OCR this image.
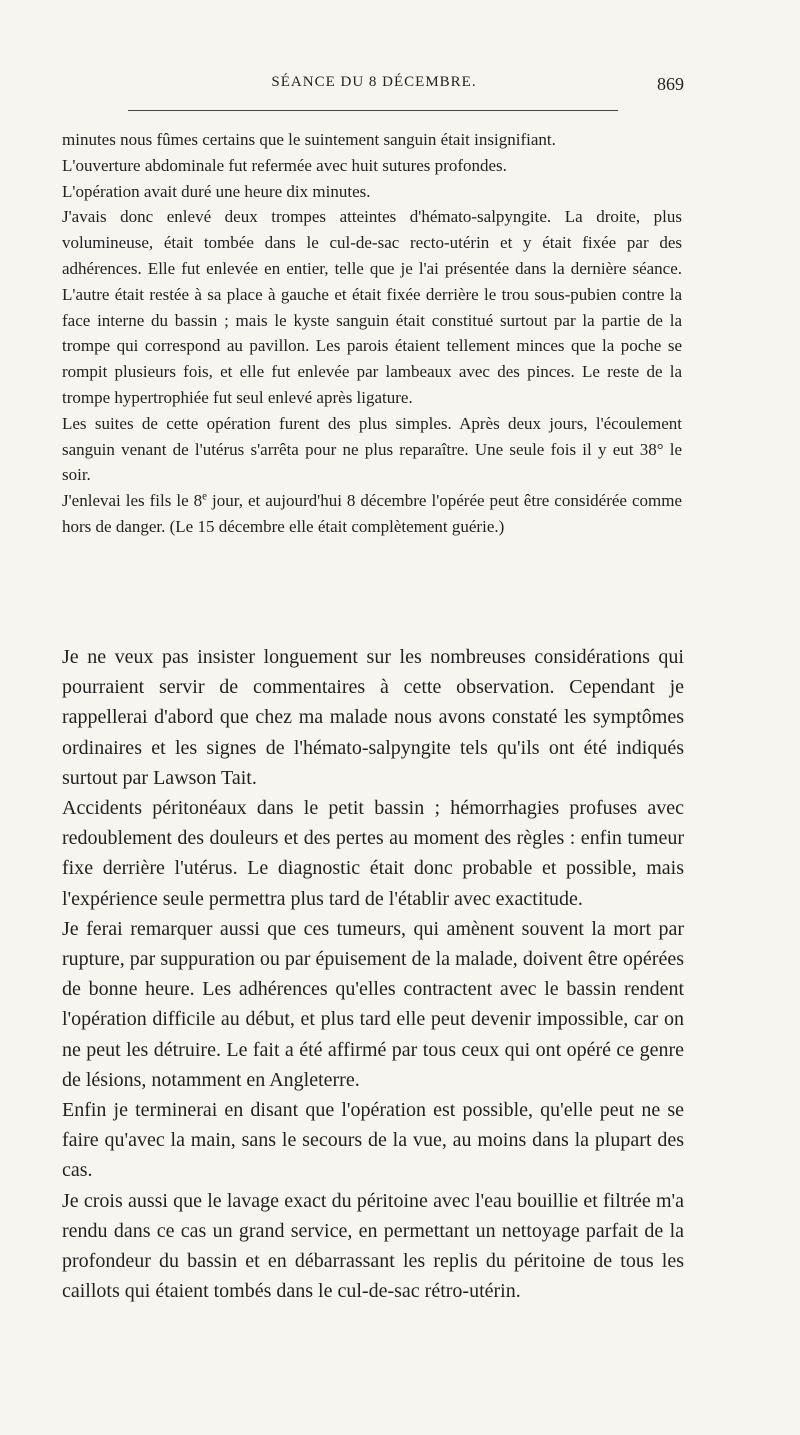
SÉANCE DU 8 DÉCEMBRE.	869

minutes nous fûmes certains que le suintement sanguin était insignifiant.

L'ouverture abdominale fut refermée avec huit sutures profondes.

L'opération avait duré une heure dix minutes.

J'avais donc enlevé deux trompes atteintes d'hémato-salpyngite. La droite, plus volumineuse, était tombée dans le cul-de-sac recto-utérin et y était fixée par des adhérences. Elle fut enlevée en entier, telle que je l'ai présentée dans la dernière séance. L'autre était restée à sa place à gauche et était fixée derrière le trou sous-pubien contre la face interne du bassin ; mais le kyste sanguin était constitué surtout par la partie de la trompe qui correspond au pavillon. Les parois étaient tellement minces que la poche se rompit plusieurs fois, et elle fut enlevée par lambeaux avec des pinces. Le reste de la trompe hypertrophiée fut seul enlevé après ligature.

Les suites de cette opération furent des plus simples. Après deux jours, l'écoulement sanguin venant de l'utérus s'arrêta pour ne plus reparaître. Une seule fois il y eut 38° le soir.

J'enlevai les fils le 8e jour, et aujourd'hui 8 décembre l'opérée peut être considérée comme hors de danger. (Le 15 décembre elle était complètement guérie.)

Je ne veux pas insister longuement sur les nombreuses considérations qui pourraient servir de commentaires à cette observation. Cependant je rappellerai d'abord que chez ma malade nous avons constaté les symptômes ordinaires et les signes de l'hémato-salpyngite tels qu'ils ont été indiqués surtout par Lawson Tait.

Accidents péritonéaux dans le petit bassin ; hémorrhagies profuses avec redoublement des douleurs et des pertes au moment des règles : enfin tumeur fixe derrière l'utérus. Le diagnostic était donc probable et possible, mais l'expérience seule permettra plus tard de l'établir avec exactitude.

Je ferai remarquer aussi que ces tumeurs, qui amènent souvent la mort par rupture, par suppuration ou par épuisement de la malade, doivent être opérées de bonne heure. Les adhérences qu'elles contractent avec le bassin rendent l'opération difficile au début, et plus tard elle peut devenir impossible, car on ne peut les détruire. Le fait a été affirmé par tous ceux qui ont opéré ce genre de lésions, notamment en Angleterre.

Enfin je terminerai en disant que l'opération est possible, qu'elle peut ne se faire qu'avec la main, sans le secours de la vue, au moins dans la plupart des cas.

Je crois aussi que le lavage exact du péritoine avec l'eau bouillie et filtrée m'a rendu dans ce cas un grand service, en permettant un nettoyage parfait de la profondeur du bassin et en débarrassant les replis du péritoine de tous les caillots qui étaient tombés dans le cul-de-sac rétro-utérin.
